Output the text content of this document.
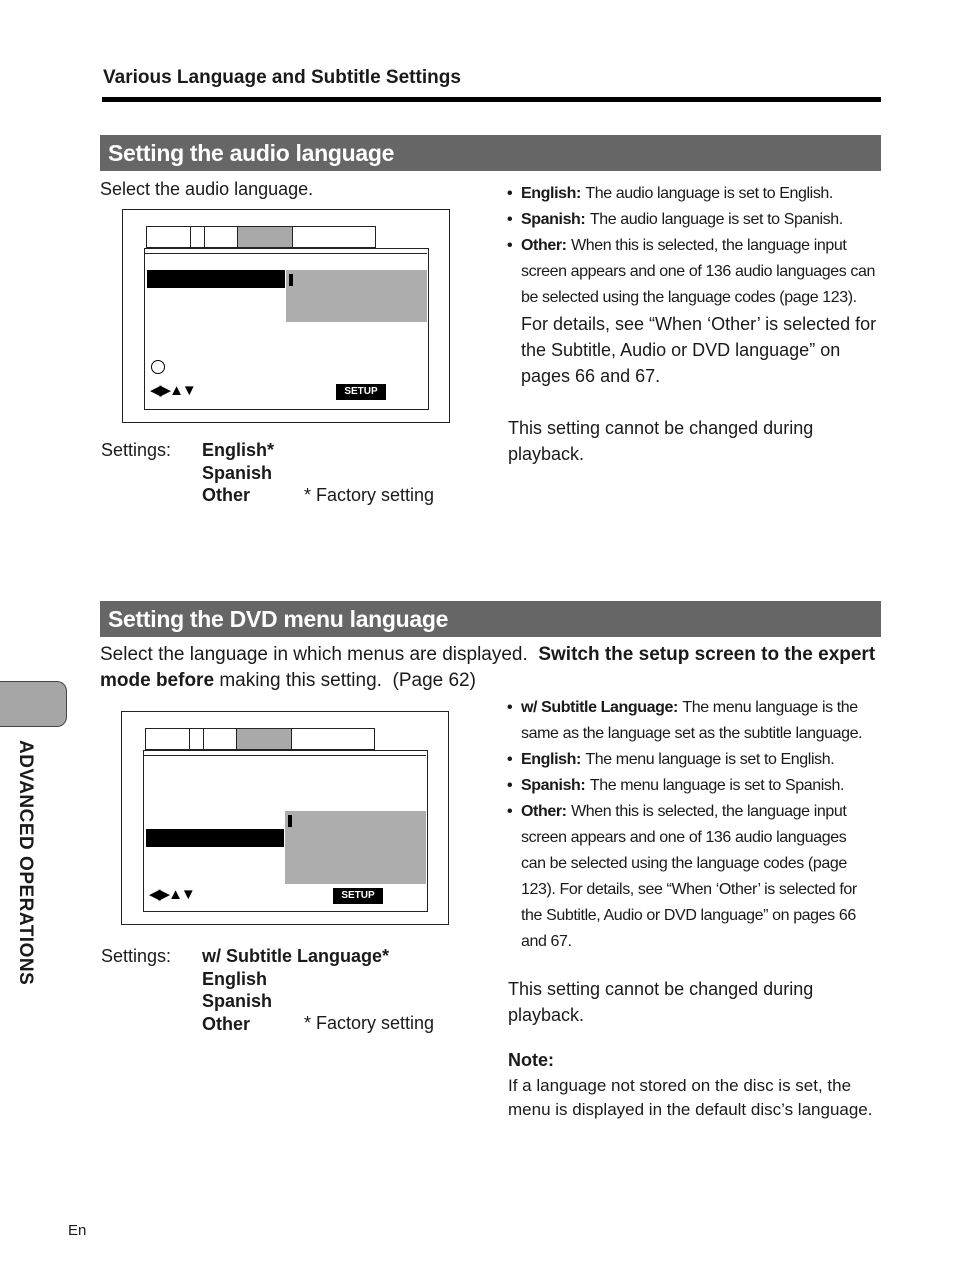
Various Language and Subtitle Settings
Setting the audio language
Select the audio language.
◀▶▲▼	SETUP
Settings: English*
Spanish
Other	* Factory setting
• English: The audio language is set to English.
• Spanish: The audio language is set to Spanish.
• Other: When this is selected, the language input screen appears and one of 136 audio languages can be selected using the language codes (page 123).
For details, see “When ‘Other’ is selected for the Subtitle, Audio or DVD language” on pages 66 and 67.
This setting cannot be changed during playback.
Setting the DVD menu language
Select the language in which menus are displayed. Switch the setup screen to the expert mode before making this setting. (Page 62)
◀▶▲▼	SETUP
Settings: w/ Subtitle Language*
English
Spanish
Other	* Factory setting
• w/ Subtitle Language: The menu language is the same as the language set as the subtitle language.
• English: The menu language is set to English.
• Spanish: The menu language is set to Spanish.
• Other: When this is selected, the language input screen appears and one of 136 audio languages can be selected using the language codes (page 123). For details, see “When ‘Other’ is selected for the Subtitle, Audio or DVD language” on pages 66 and 67.
This setting cannot be changed during playback.
Note:
If a language not stored on the disc is set, the menu is displayed in the default disc’s language.
ADVANCED OPERATIONS
En
